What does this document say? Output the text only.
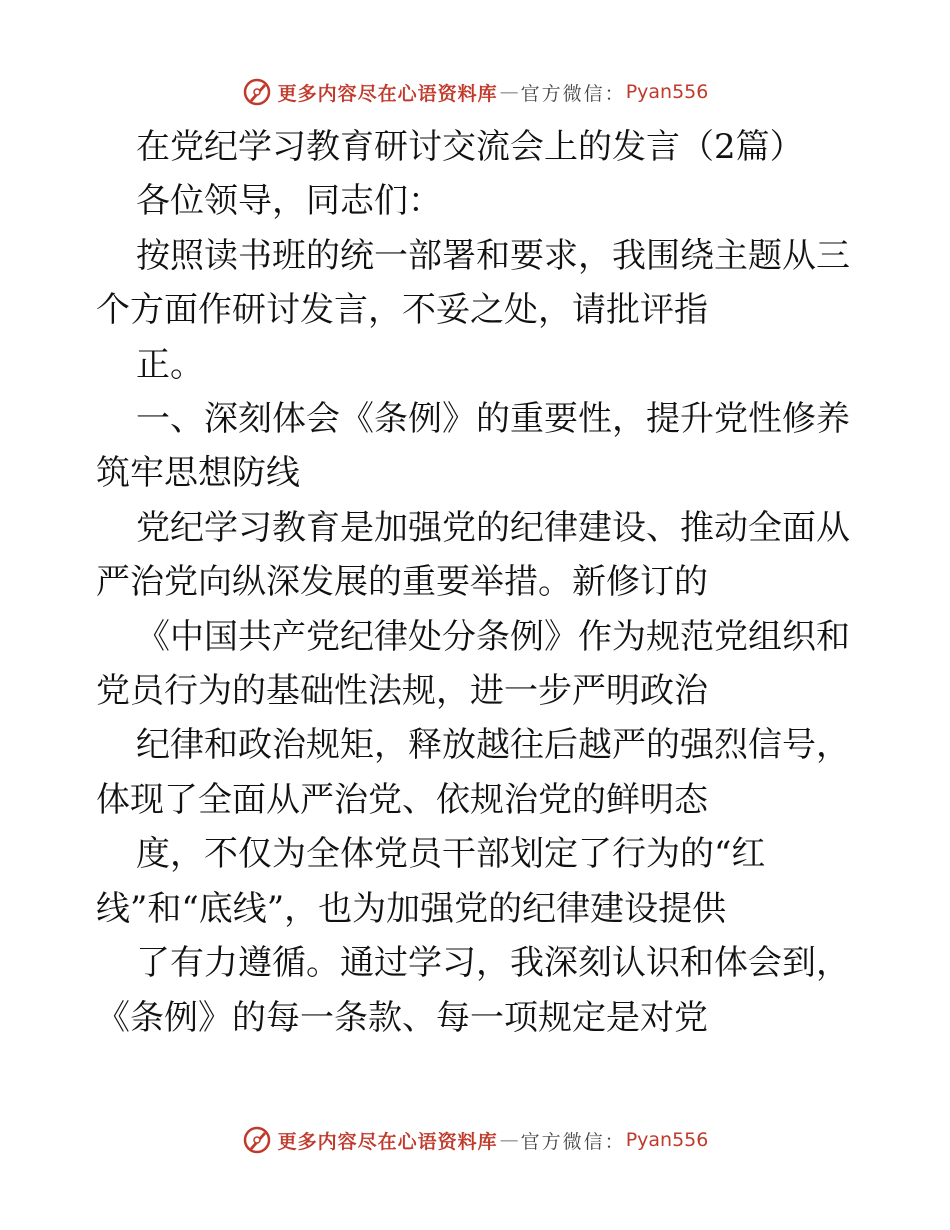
更多内容尽在心语资料库 — 官方微信： Pyan556

在党纪学习教育研讨交流会上的发言（2篇）

各位领导，同志们：

按照读书班的统一部署和要求，我围绕主题从三

个方面作研讨发言，不妥之处，请批评指

正。

一、深刻体会《条例》的重要性，提升党性修养

筑牢思想防线

党纪学习教育是加强党的纪律建设、推动全面从

严治党向纵深发展的重要举措。新修订的

《中国共产党纪律处分条例》作为规范党组织和

党员行为的基础性法规，进一步严明政治

纪律和政治规矩，释放越往后越严的强烈信号，

体现了全面从严治党、依规治党的鲜明态

度，不仅为全体党员干部划定了行为的“红

线”和“底线”，也为加强党的纪律建设提供

了有力遵循。通过学习，我深刻认识和体会到，

《条例》的每一条款、每一项规定是对党

更多内容尽在心语资料库 — 官方微信： Pyan556
